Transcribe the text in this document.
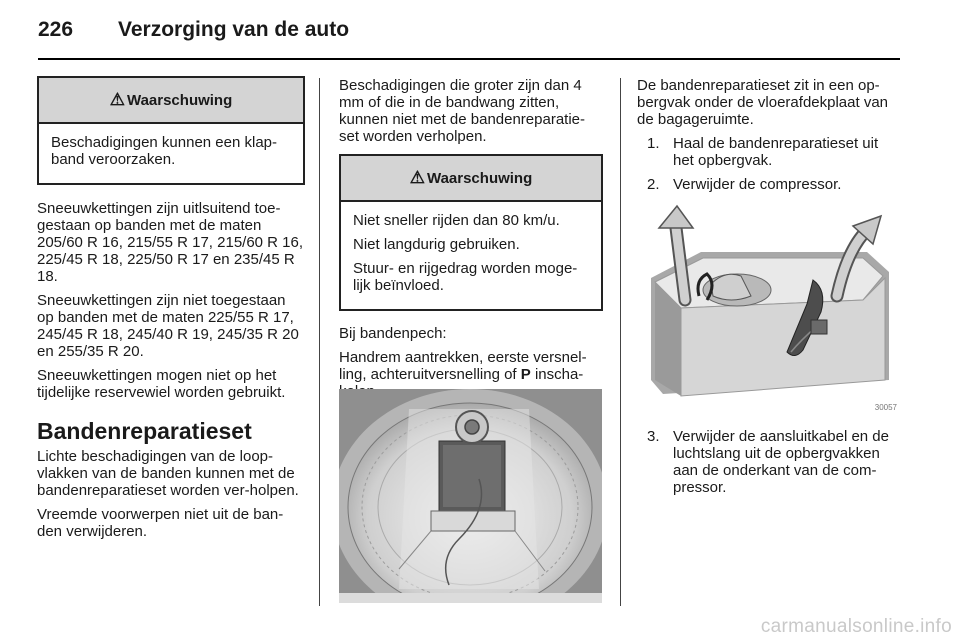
226 Verzorging van de auto
⚠ Waarschuwing

Beschadigingen kunnen een klap-band veroorzaken.

Sneeuwkettingen zijn uitlsuitend toe-gestaan op banden met de maten 205/60 R 16, 215/55 R 17, 215/60 R 16, 225/45 R 18, 225/50 R 17 en 235/45 R 18.

Sneeuwkettingen zijn niet toegestaan op banden met de maten 225/55 R 17, 245/45 R 18, 245/40 R 19, 245/35 R 20 en 255/35 R 20.

Sneeuwkettingen mogen niet op het tijdelijke reservewiel worden gebruikt.

Bandenreparatieset

Lichte beschadigingen van de loop-vlakken van de banden kunnen met de bandenreparatieset worden ver-holpen.

Vreemde voorwerpen niet uit de ban-den verwijderen.

Beschadigingen die groter zijn dan 4 mm of die in de bandwang zitten, kunnen niet met de bandenreparatie-set worden verholpen.

⚠ Waarschuwing

Niet sneller rijden dan 80 km/u.

Niet langdurig gebruiken.

Stuur- en rijgedrag worden moge-lijk beïnvloed.

Bij bandenpech:

Handrem aantrekken, eerste versnel-ling, achteruitversnelling of P inscha-

De bandenreparatieset zit in een op-bergvak onder de vloerafdekplaat van de bagageruimte.

1. Haal de bandenreparatieset uit het opbergvak.
2. Verwijder de compressor.
30057
3. Verwijder de aansluitkabel en de luchtslang uit de opbergvakken aan de onderkant van de com-pressor.
carmanualsonline.info
